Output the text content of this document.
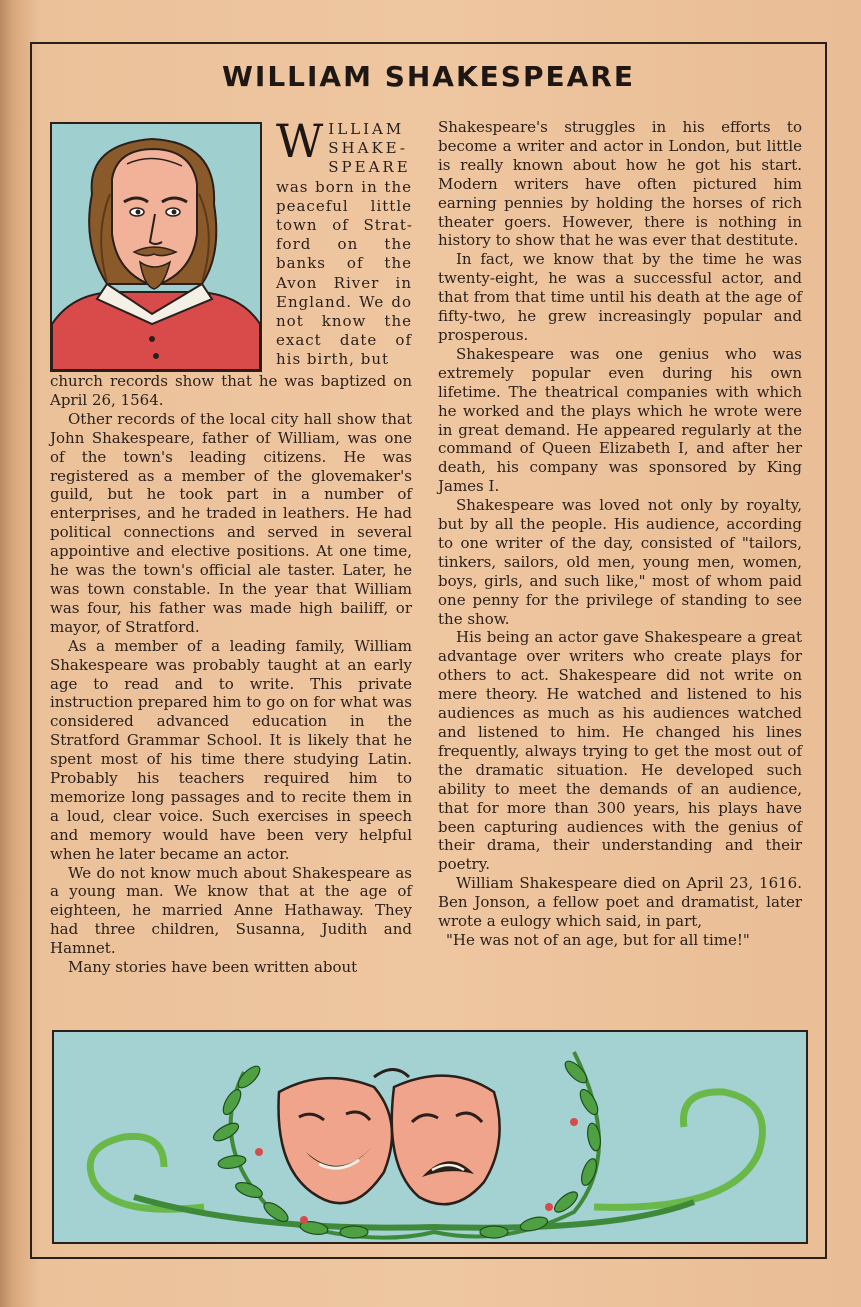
WILLIAM SHAKESPEARE
WILLIAM SHAKE-SPEARE was born in the peaceful little town of Stratford on the banks of the Avon River in England. We do not know the exact date of his birth, but

church records show that he was baptized on April 26, 1564.

Other records of the local city hall show that John Shakespeare, father of William, was one of the town's leading citizens. He was registered as a member of the glovemaker's guild, but he took part in a number of enterprises, and he traded in leathers. He had political connections and served in several appointive and elective positions. At one time, he was the town's official ale taster. Later, he was town constable. In the year that William was four, his father was made high bailiff, or mayor, of Stratford.

As a member of a leading family, William Shakespeare was probably taught at an early age to read and to write. This private instruction prepared him to go on for what was considered advanced education in the Stratford Grammar School. It is likely that he spent most of his time there studying Latin. Probably his teachers required him to memorize long passages and to recite them in a loud, clear voice. Such exercises in speech and memory would have been very helpful when he later became an actor.

We do not know much about Shakespeare as a young man. We know that at the age of eighteen, he married Anne Hathaway. They had three children, Susanna, Judith and Hamnet.

Many stories have been written about

Shakespeare's struggles in his efforts to become a writer and actor in London, but little is really known about how he got his start. Modern writers have often pictured him earning pennies by holding the horses of rich theater goers. However, there is nothing in history to show that he was ever that destitute.

In fact, we know that by the time he was twenty-eight, he was a successful actor, and that from that time until his death at the age of fifty-two, he grew increasingly popular and prosperous.

Shakespeare was one genius who was extremely popular even during his own lifetime. The theatrical companies with which he worked and the plays which he wrote were in great demand. He appeared regularly at the command of Queen Elizabeth I, and after her death, his company was sponsored by King James I.

Shakespeare was loved not only by royalty, but by all the people. His audience, according to one writer of the day, consisted of "tailors, tinkers, sailors, old men, young men, women, boys, girls, and such like," most of whom paid one penny for the privilege of standing to see the show.

His being an actor gave Shakespeare a great advantage over writers who create plays for others to act. Shakespeare did not write on mere theory. He watched and listened to his audiences as much as his audiences watched and listened to him. He changed his lines frequently, always trying to get the most out of the dramatic situation. He developed such ability to meet the demands of an audience, that for more than 300 years, his plays have been capturing audiences with the genius of their drama, their understanding and their poetry.

William Shakespeare died on April 23, 1616. Ben Jonson, a fellow poet and dramatist, later wrote a eulogy which said, in part,

"He was not of an age, but for all time!"
